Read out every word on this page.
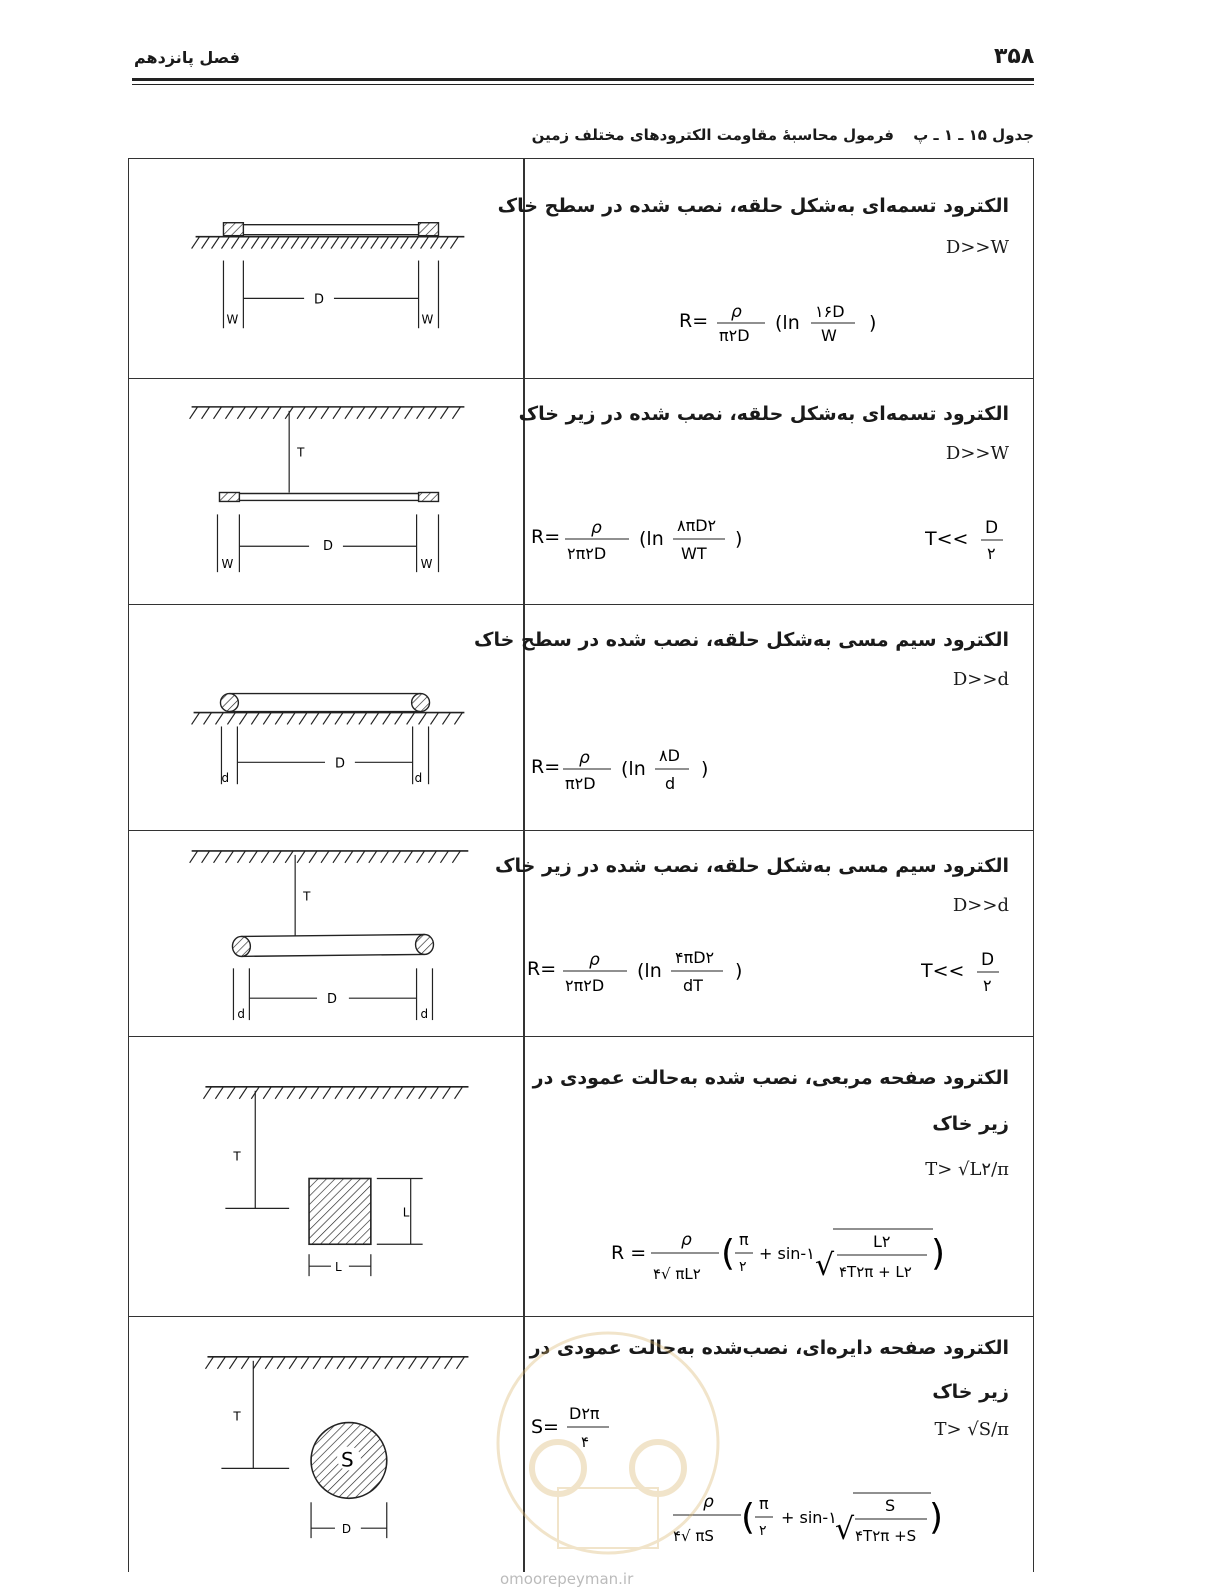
۳۵۸
فصل پانزدهم
جدول ۱۵ ـ ۱ ـ پ فرمول محاسبهٔ مقاومت الکترودهای مختلف زمین
D
W	W
الکترود تسمه‌ای به‌شکل حلقه، نصب شده در سطح خاک
D>>W
R= ρ
π۲D
(ln
۱۶D
W
)
T
D
W	W
الکترود تسمه‌ای به‌شکل حلقه، نصب شده در زیر خاک
D>>W
R= ρ
۲π۲D
(ln
۸πD۲
WT
)	T<< D
۲
D
d	d
الکترود سیم مسی به‌شکل حلقه، نصب شده در سطح خاک
D>>d
R= ρ
π۲D
(ln
۸D
d
)
T
D
d	d
الکترود سیم مسی به‌شکل حلقه، نصب شده در زیر خاک
D>>d
R= ρ
۲π۲D
(ln
۴πD۲
dT
)	T<< D
۲
T
L
L
الکترود صفحه مربعی، نصب شده به‌حالت عمودی در
زیر خاک
T> √L۲/π
R =
ρ
۴√ πL۲ ( π
۲
+ sin-۱ √
L۲
۴T۲π + L۲ )
T
S
D
الکترود صفحه دایره‌ای، نصب‌شده به‌حالت عمودی در
زیر خاک
T> √S/π
S=
D۲π
۴
ρ
۴√ πS ( π
۲
+ sin-۱
√
S
۴T۲π +S )
omoorepeyman.ir
